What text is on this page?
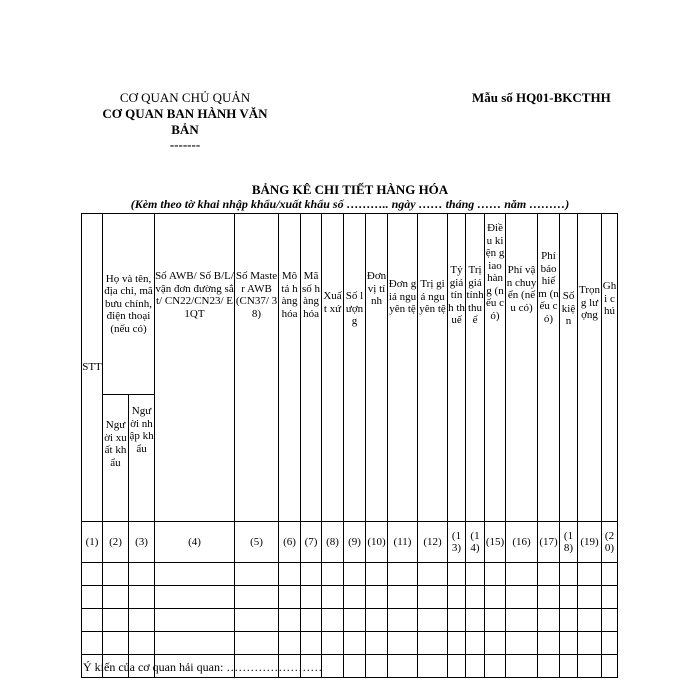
CƠ QUAN CHỦ QUẢN
CƠ QUAN BAN HÀNH VĂN BẢN
-------
Mẫu số HQ01-BKCTHH
BẢNG KÊ CHI TIẾT HÀNG HÓA
(Kèm theo tờ khai nhập khẩu/xuất khẩu số ……….. ngày …… tháng …… năm ………)
STT	Họ và tên, địa chỉ, mã bưu chính, điện thoại (nếu có)		Số AWB/ Số B/L/ vận đơn đường sắt/ CN22/CN23/ E1QT	Số Master AWB (CN37/ 38)	Mô tả hàng hóa	Mã số hàng hóa	Xuất xứ	Số lượng	Đơn vị tính	Đơn giá nguyên tệ	Trị giá nguyên tệ	Tỷ giá tính thuế	Trị giá tính thuế	Điều kiện giao hàng (nếu có)	Phí vận chuyển (nếu có)	Phí bảo hiểm (nếu có)	Số kiện	Trọng lượng	Ghi chú
	Người xuất khẩu	Người nhập khẩu																	
(1)	(2)	(3)	(4)	(5)	(6)	(7)	(8)	(9)	(10)	(11)	(12)	(13)	(14)	(15)	(16)	(17)	(18)	(19)	(20)

Ý kiến của cơ quan hải quan: ……………………
